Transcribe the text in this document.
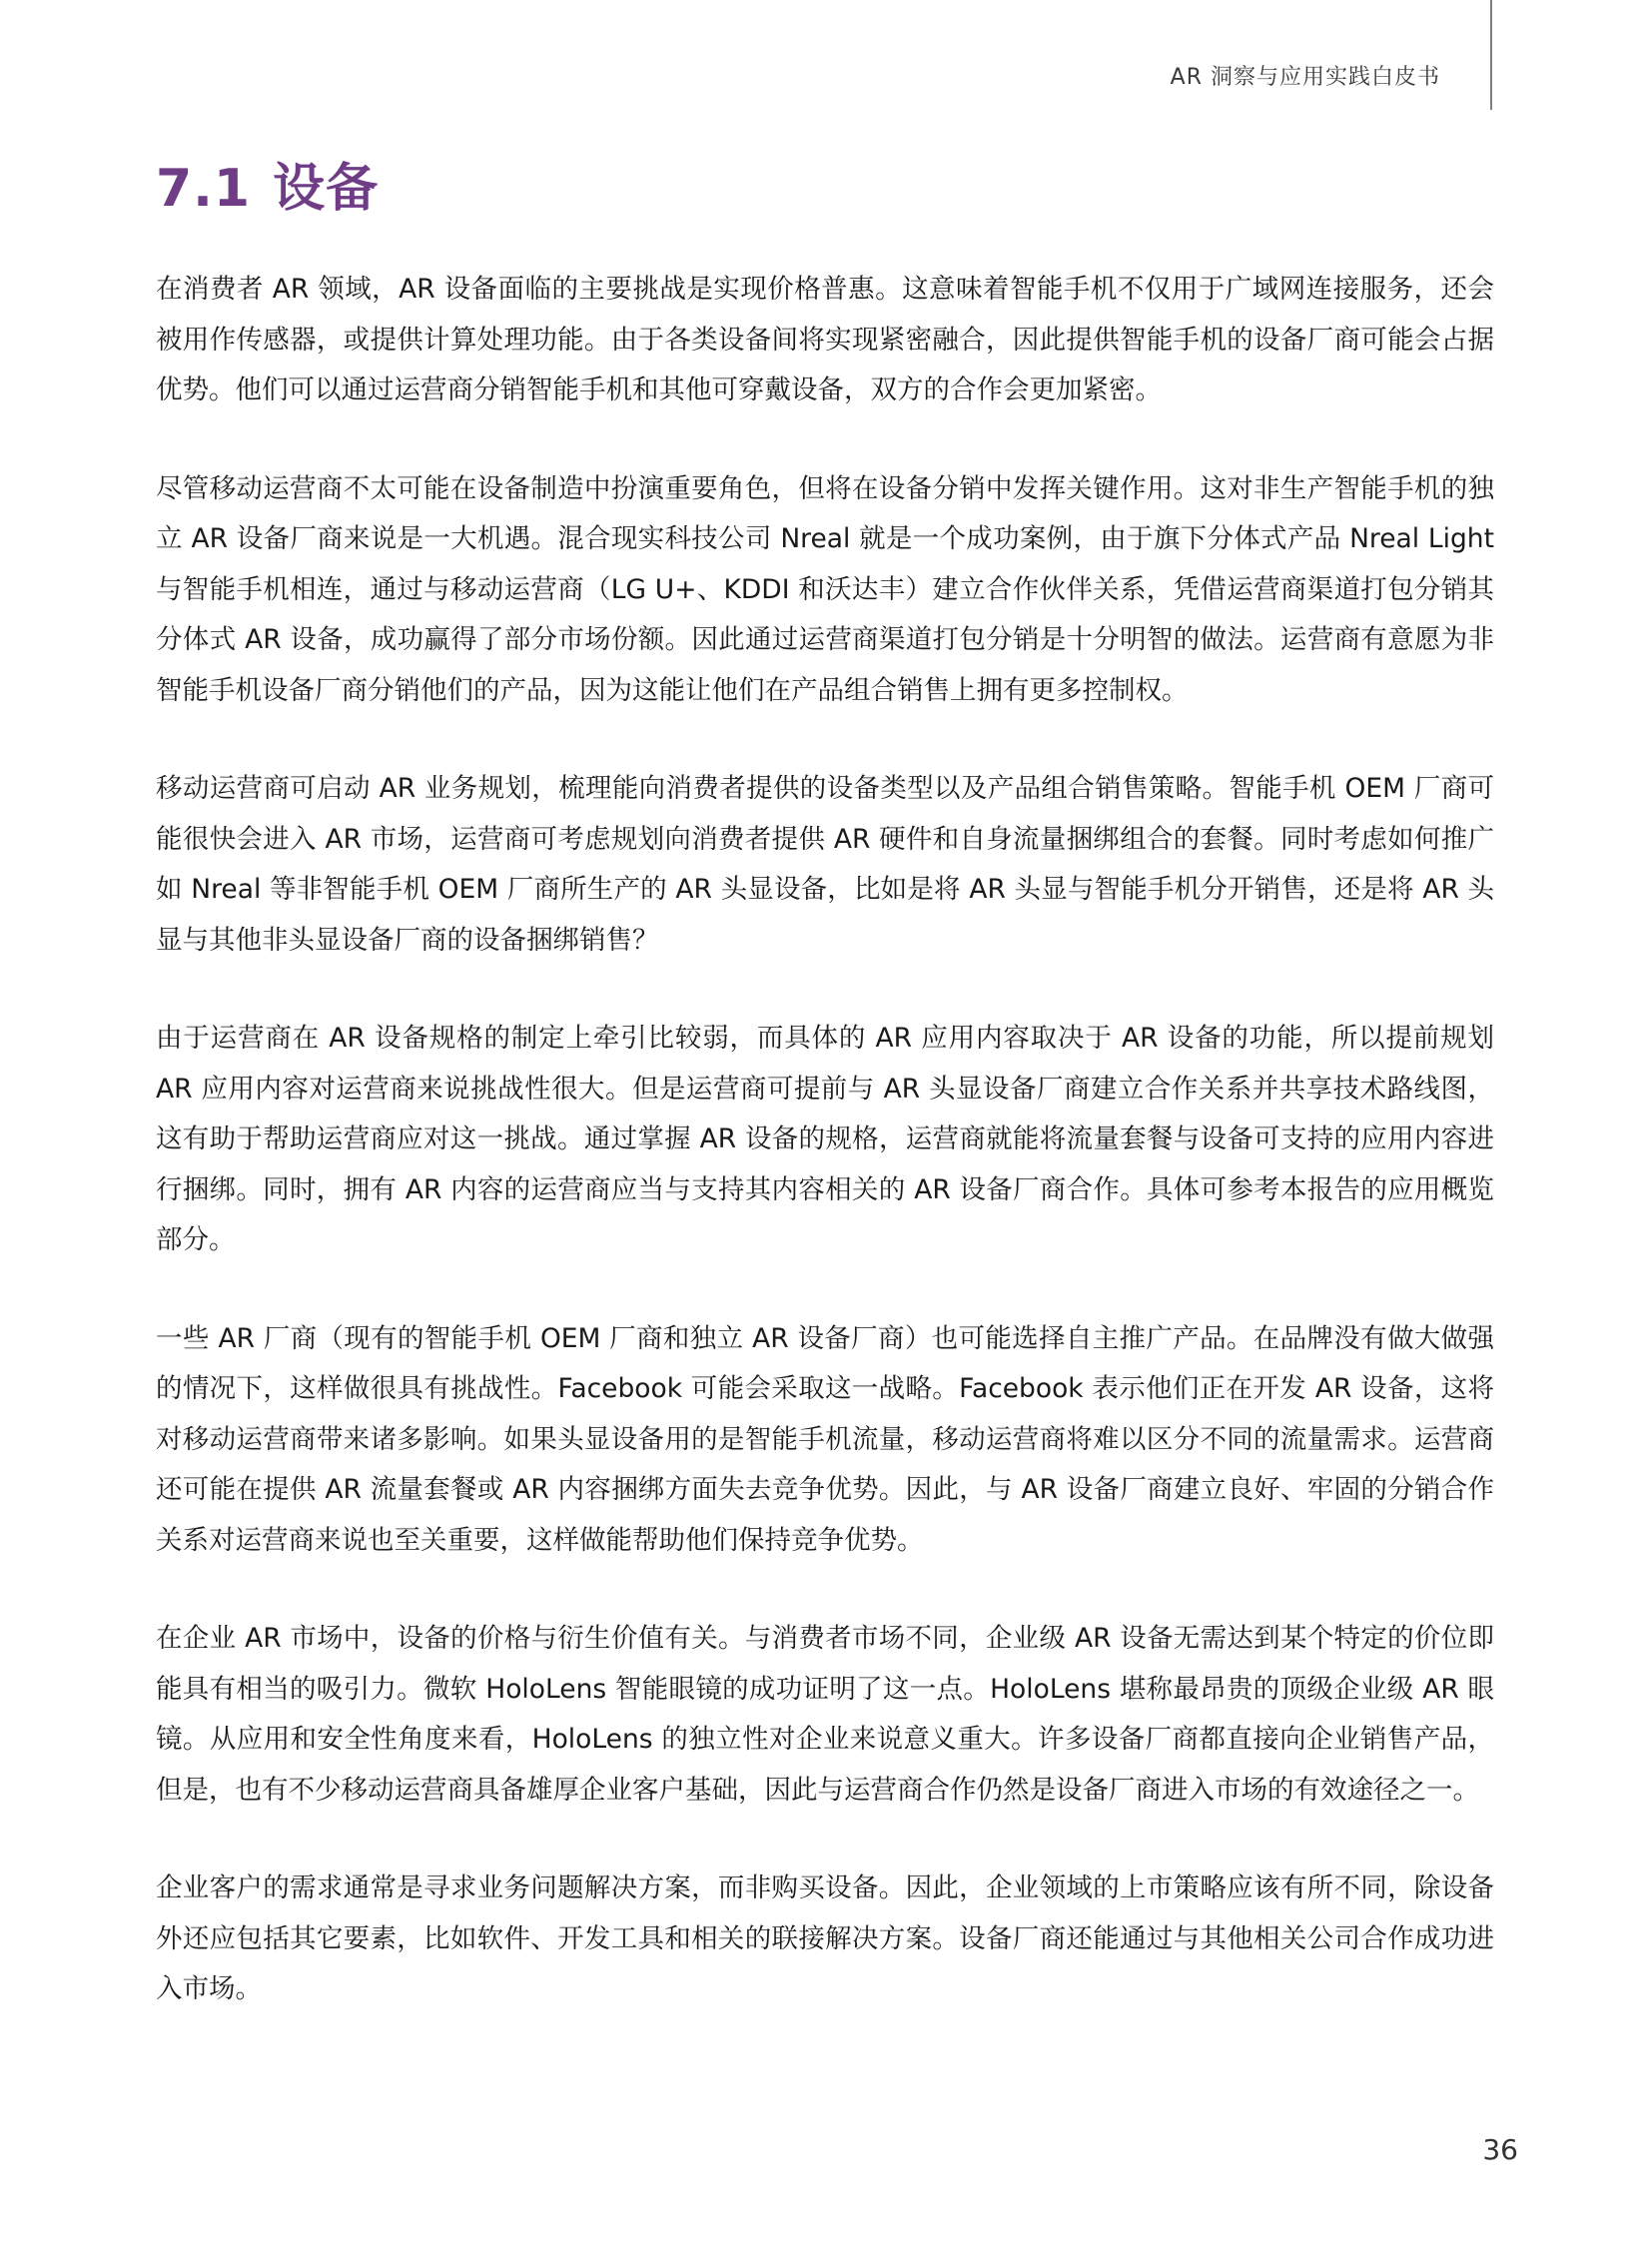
AR 洞察与应用实践白皮书
7.1 设备

在消费者 AR 领域，AR 设备面临的主要挑战是实现价格普惠。这意味着智能手机不仅用于广域网连接服务，还会被用作传感器，或提供计算处理功能。由于各类设备间将实现紧密融合，因此提供智能手机的设备厂商可能会占据优势。他们可以通过运营商分销智能手机和其他可穿戴设备，双方的合作会更加紧密。

尽管移动运营商不太可能在设备制造中扮演重要角色，但将在设备分销中发挥关键作用。这对非生产智能手机的独立 AR 设备厂商来说是一大机遇。混合现实科技公司 Nreal 就是一个成功案例，由于旗下分体式产品 Nreal Light 与智能手机相连，通过与移动运营商（LG U+、KDDI 和沃达丰）建立合作伙伴关系，凭借运营商渠道打包分销其分体式 AR 设备，成功赢得了部分市场份额。因此通过运营商渠道打包分销是十分明智的做法。运营商有意愿为非智能手机设备厂商分销他们的产品，因为这能让他们在产品组合销售上拥有更多控制权。

移动运营商可启动 AR 业务规划，梳理能向消费者提供的设备类型以及产品组合销售策略。智能手机 OEM 厂商可能很快会进入 AR 市场，运营商可考虑规划向消费者提供 AR 硬件和自身流量捆绑组合的套餐。同时考虑如何推广如 Nreal 等非智能手机 OEM 厂商所生产的 AR 头显设备，比如是将 AR 头显与智能手机分开销售，还是将 AR 头显与其他非头显设备厂商的设备捆绑销售？

由于运营商在 AR 设备规格的制定上牵引比较弱，而具体的 AR 应用内容取决于 AR 设备的功能，所以提前规划 AR 应用内容对运营商来说挑战性很大。但是运营商可提前与 AR 头显设备厂商建立合作关系并共享技术路线图，这有助于帮助运营商应对这一挑战。通过掌握 AR 设备的规格，运营商就能将流量套餐与设备可支持的应用内容进行捆绑。同时，拥有 AR 内容的运营商应当与支持其内容相关的 AR 设备厂商合作。具体可参考本报告的应用概览部分。

一些 AR 厂商（现有的智能手机 OEM 厂商和独立 AR 设备厂商）也可能选择自主推广产品。在品牌没有做大做强的情况下，这样做很具有挑战性。Facebook 可能会采取这一战略。Facebook 表示他们正在开发 AR 设备，这将对移动运营商带来诸多影响。如果头显设备用的是智能手机流量，移动运营商将难以区分不同的流量需求。运营商还可能在提供 AR 流量套餐或 AR 内容捆绑方面失去竞争优势。因此，与 AR 设备厂商建立良好、牢固的分销合作关系对运营商来说也至关重要，这样做能帮助他们保持竞争优势。

在企业 AR 市场中，设备的价格与衍生价值有关。与消费者市场不同，企业级 AR 设备无需达到某个特定的价位即能具有相当的吸引力。微软 HoloLens 智能眼镜的成功证明了这一点。HoloLens 堪称最昂贵的顶级企业级 AR 眼镜。从应用和安全性角度来看，HoloLens 的独立性对企业来说意义重大。许多设备厂商都直接向企业销售产品，但是，也有不少移动运营商具备雄厚企业客户基础，因此与运营商合作仍然是设备厂商进入市场的有效途径之一。

企业客户的需求通常是寻求业务问题解决方案，而非购买设备。因此，企业领域的上市策略应该有所不同，除设备外还应包括其它要素，比如软件、开发工具和相关的联接解决方案。设备厂商还能通过与其他相关公司合作成功进入市场。

36
